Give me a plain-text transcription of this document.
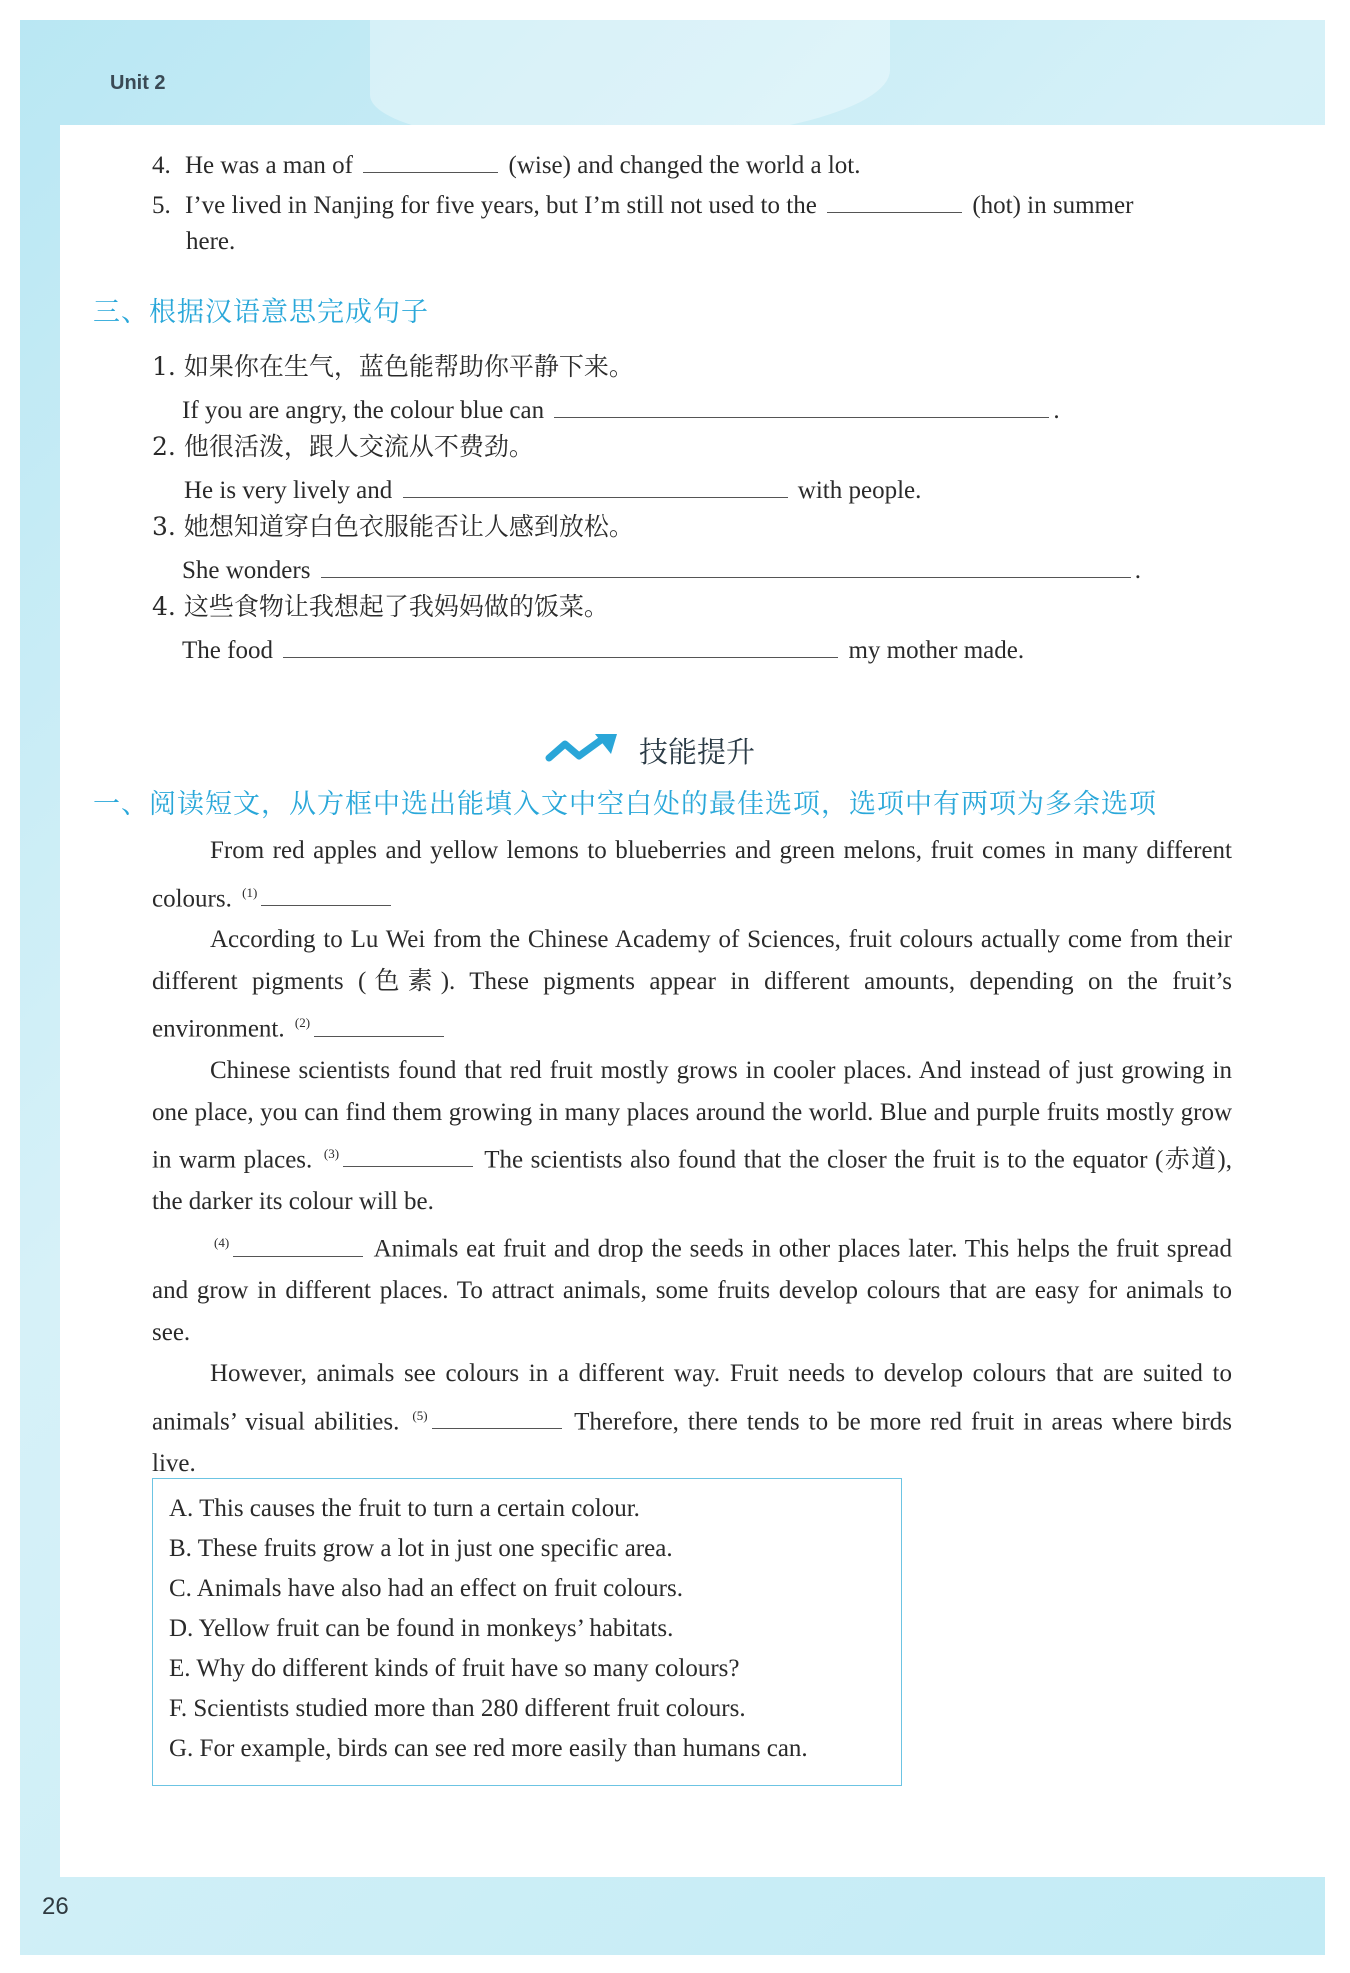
Unit 2
26
4. He was a man of	(wise) and changed the world a lot.
5. I’ve lived in Nanjing for five years, but I’m still not used to the	(hot) in summer
here.
三、根据汉语意思完成句子
1. 如果你在生气，蓝色能帮助你平静下来。
If you are angry, the colour blue can	.
2. 他很活泼，跟人交流从不费劲。
He is very lively and	with people.
3. 她想知道穿白色衣服能否让人感到放松。
She wonders	.
4. 这些食物让我想起了我妈妈做的饭菜。
The food	my mother made.
技能提升
一、阅读短文，从方框中选出能填入文中空白处的最佳选项，选项中有两项为多余选项

From red apples and yellow lemons to blueberries and green melons, fruit comes in many different colours. $^{(1)}$

According to Lu Wei from the Chinese Academy of Sciences, fruit colours actually come from their different pigments (色素). These pigments appear in different amounts, depending on the fruit’s environment. $^{(2)}$

Chinese scientists found that red fruit mostly grows in cooler places. And instead of just growing in one place, you can find them growing in many places around the world. Blue and purple fruits mostly grow in warm places. $^{(3)}$	The scientists also found that the closer the fruit is to the equator (赤道), the darker its colour will be.

$^{(4)}$	Animals eat fruit and drop the seeds in other places later. This helps the fruit spread and grow in different places. To attract animals, some fruits develop colours that are easy for animals to see.

However, animals see colours in a different way. Fruit needs to develop colours that are suited to animals’ visual abilities. $^{(5)}$	Therefore, there tends to be more red fruit in areas where birds live.

A. This causes the fruit to turn a certain colour.
B. These fruits grow a lot in just one specific area.
C. Animals have also had an effect on fruit colours.
D. Yellow fruit can be found in monkeys’ habitats.
E. Why do different kinds of fruit have so many colours?
F. Scientists studied more than 280 different fruit colours.
G. For example, birds can see red more easily than humans can.
